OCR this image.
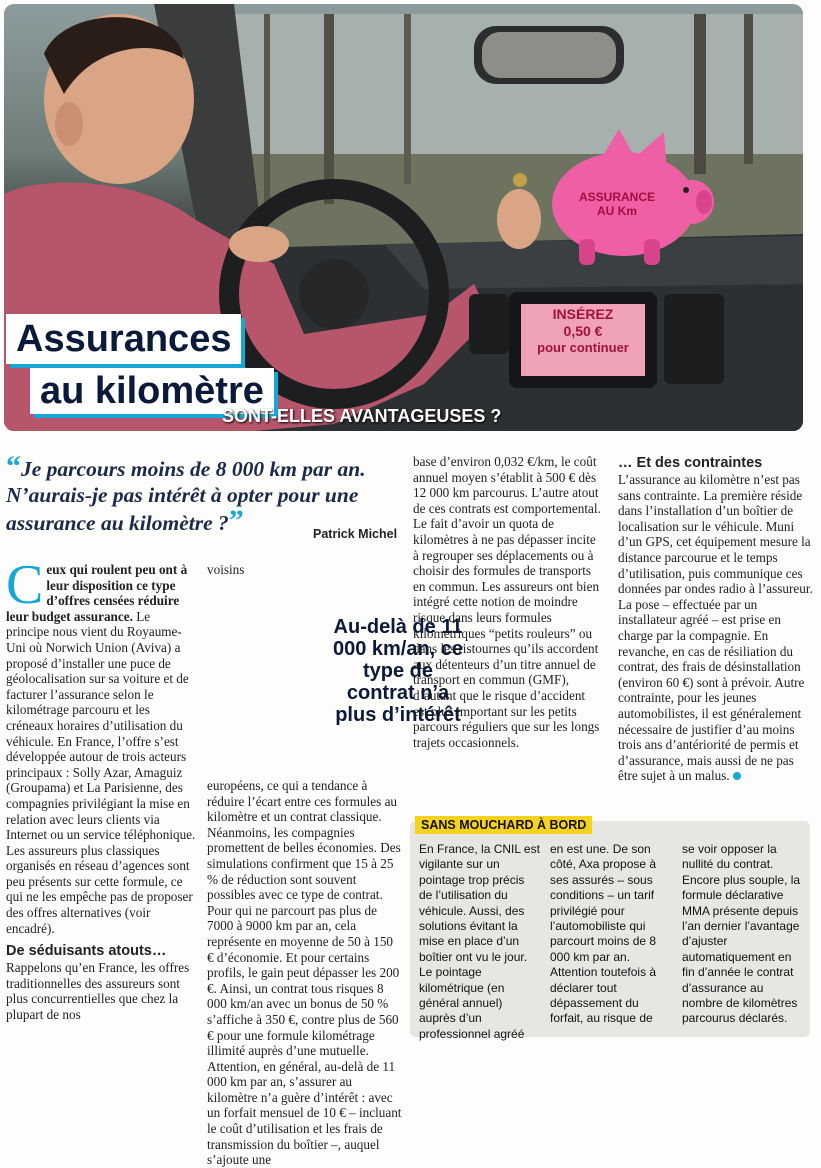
ASSURANCE
AU Km
INSÉREZ
0,50 €
pour continuer
Assurances
au kilomètre
SONT-ELLES AVANTAGEUSES ?
“Je parcours moins de 8 000 km par an. N’aurais-je pas intérêt à opter pour une assurance au kilomètre ?”	Patrick Michel

Ceux qui roulent peu ont à leur disposition ce type d’offres censées réduire leur budget assurance. Le principe nous vient du Royaume-Uni où Norwich Union (Aviva) a proposé d’installer une puce de géolocalisation sur sa voiture et de facturer l’assurance selon le kilométrage parcouru et les créneaux horaires d’utilisation du véhicule. En France, l’offre s’est développée autour de trois acteurs principaux : Solly Azar, Amaguiz (Groupama) et La Parisienne, des compagnies privilégiant la mise en relation avec leurs clients via Internet ou un service téléphonique. Les assureurs plus classiques organisés en réseau d’agences sont peu présents sur cette formule, ce qui ne les empêche pas de proposer des offres alternatives (voir encadré).

De séduisants atouts…

Rappelons qu’en France, les offres traditionnelles des assureurs sont plus concurrentielles que chez la plupart de nos

voisins européens, ce qui a tendance à réduire l’écart entre ces formules au kilomètre et un contrat classique. Néanmoins, les compagnies promettent de belles économies. Des simulations confirment que 15 à 25 % de réduction sont souvent possibles avec ce type de contrat. Pour qui ne parcourt pas plus de 7000 à 9000 km par an, cela représente en moyenne de 50 à 150 € d’économie. Et pour certains profils, le gain peut dépasser les 200 €. Ainsi, un contrat tous risques 8 000 km/an avec un bonus de 50 % s’affiche à 350 €, contre plus de 560 € pour une formule kilométrage illimité auprès d’une mutuelle. Attention, en général, au-delà de 11 000 km par an, s’assurer au kilomètre n’a guère d’intérêt : avec un forfait mensuel de 10 € – incluant le coût d’utilisation et les frais de transmission du boîtier –, auquel s’ajoute une

Au-delà de 11 000 km/an, ce type de contrat n’a plus d’intérêt

base d’environ 0,032 €/km, le coût annuel moyen s’établit à 500 € dès 12 000 km parcourus. L’autre atout de ces contrats est comportemental. Le fait d’avoir un quota de kilomètres à ne pas dépasser incite à regrouper ses déplacements ou à choisir des formules de transports en commun. Les assureurs ont bien intégré cette notion de moindre risque dans leurs formules kilométriques “petits rouleurs” ou dans les ristournes qu’ils accordent aux détenteurs d’un titre annuel de transport en commun (GMF), d’autant que le risque d’accident est plus important sur les petits parcours réguliers que sur les longs trajets occasionnels.

… Et des contraintes

L’assurance au kilomètre n’est pas sans contrainte. La première réside dans l’installation d’un boîtier de localisation sur le véhicule. Muni d’un GPS, cet équipement mesure la distance parcourue et le temps d’utilisation, puis communique ces données par ondes radio à l’assureur. La pose – effectuée par un installateur agréé – est prise en charge par la compagnie. En revanche, en cas de résiliation du contrat, des frais de désinstallation (environ 60 €) sont à prévoir. Autre contrainte, pour les jeunes automobilistes, il est généralement nécessaire de justifier d’au moins trois ans d’antériorité de permis et d’assurance, mais aussi de ne pas être sujet à un malus.

SANS MOUCHARD À BORD

En France, la CNIL est vigilante sur un pointage trop précis de l’utilisation du véhicule. Aussi, des solutions évitant la mise en place d’un boîtier ont vu le jour. Le pointage kilométrique (en général annuel) auprès d’un professionnel agréé

en est une. De son côté, Axa propose à ses assurés – sous conditions – un tarif privilégié pour l’automobiliste qui parcourt moins de 8 000 km par an. Attention toutefois à déclarer tout dépassement du forfait, au risque de

se voir opposer la nullité du contrat. Encore plus souple, la formule déclarative MMA présente depuis l’an dernier l’avantage d’ajuster automatiquement en fin d’année le contrat d’assurance au nombre de kilomètres parcourus déclarés.
